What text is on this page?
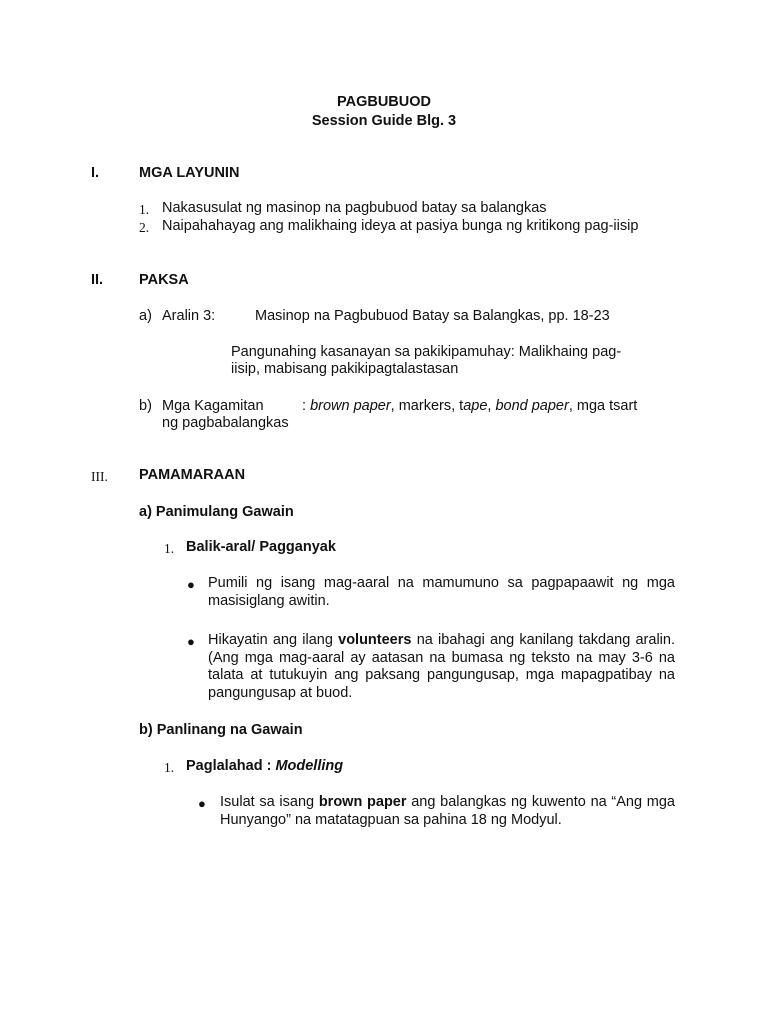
PAGBUBUOD
Session Guide Blg. 3
I.	MGA LAYUNIN
1. Nakasusulat ng masinop na pagbubuod batay sa balangkas
2. Naipahahayag ang malikhaing ideya at pasiya bunga ng kritikong pag-iisip
II. PAKSA
a) Aralin 3:	Masinop na Pagbubuod Batay sa Balangkas, pp. 18-23
Pangunahing kasanayan sa pakikipamuhay: Malikhaing pag-
iisip, mabisang pakikipagtalastasan
b) Mga Kagamitan	: brown paper, markers, tape, bond paper, mga tsart
ng pagbabalangkas
III. PAMAMARAAN
a) Panimulang Gawain
1. Balik-aral/ Pagganyak
● Pumili ng isang mag-aaral na mamumuno sa pagpapaawit ng mga masisiglang awitin.
● Hikayatin ang ilang volunteers na ibahagi ang kanilang takdang aralin. (Ang mga mag-aaral ay aatasan na bumasa ng teksto na may 3-6 na talata at tutukuyin ang paksang pangungusap, mga mapagpatibay na pangungusap at buod.
b) Panlinang na Gawain
1. Paglalahad : Modelling
● Isulat sa isang brown paper ang balangkas ng kuwento na “Ang mga Hunyango” na matatagpuan sa pahina 18 ng Modyul.
